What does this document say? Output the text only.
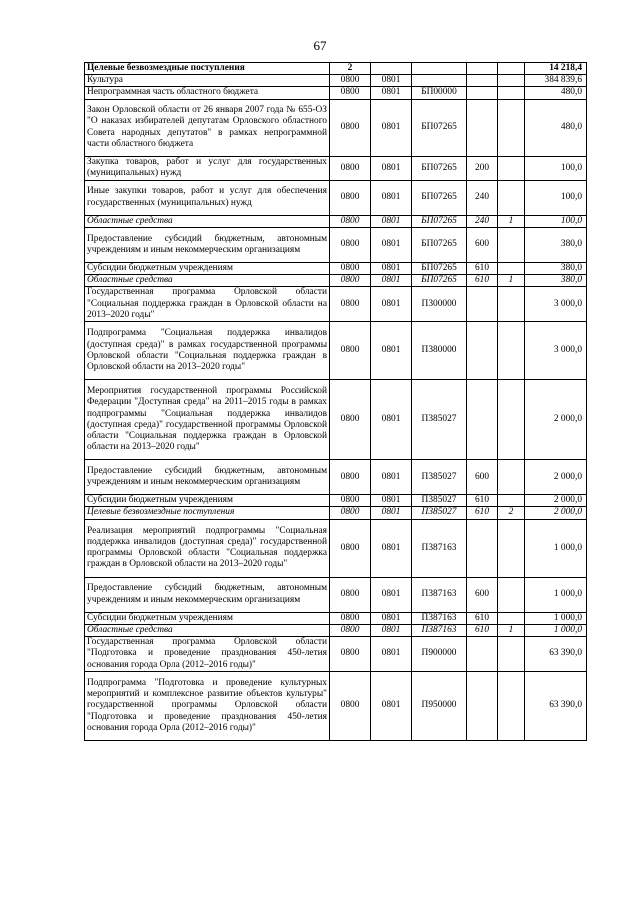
67
Целевые безвозмездные поступления	2					14 218,4
Культура	0800	0801				384 839,6
Непрограммная часть областного бюджета	0800	0801	БП00000			480,0
Закон Орловской области от 26 января 2007 года № 655-ОЗ "О наказах избирателей депутатам Орловского областного Совета народных депутатов" в рамках непрограммной части областного бюджета	0800	0801	БП07265			480,0
Закупка товаров, работ и услуг для государственных (муниципальных) нужд	0800	0801	БП07265	200		100,0
Иные закупки товаров, работ и услуг для обеспечения государственных (муниципальных) нужд	0800	0801	БП07265	240		100,0
Областные средства	0800	0801	БП07265	240	1	100,0
Предоставление субсидий бюджетным, автономным учреждениям и иным некоммерческим организациям	0800	0801	БП07265	600		380,0
Субсидии бюджетным учреждениям	0800	0801	БП07265	610		380,0
Областные средства	0800	0801	БП07265	610	1	380,0
Государственная программа Орловской области "Социальная поддержка граждан в Орловской области на 2013–2020 годы"	0800	0801	П300000			3 000,0
Подпрограмма "Социальная поддержка инвалидов (доступная среда)" в рамках государственной программы Орловской области "Социальная поддержка граждан в Орловской области на 2013–2020 годы"	0800	0801	П380000			3 000,0
Мероприятия государственной программы Российской Федерации "Доступная среда" на 2011–2015 годы в рамках подпрограммы "Социальная поддержка инвалидов (доступная среда)" государственной программы Орловской области "Социальная поддержка граждан в Орловской области на 2013–2020 годы"	0800	0801	П385027			2 000,0
Предоставление субсидий бюджетным, автономным учреждениям и иным некоммерческим организациям	0800	0801	П385027	600		2 000,0
Субсидии бюджетным учреждениям	0800	0801	П385027	610		2 000,0
Целевые безвозмездные поступления	0800	0801	П385027	610	2	2 000,0
Реализация мероприятий подпрограммы "Социальная поддержка инвалидов (доступная среда)" государственной программы Орловской области "Социальная поддержка граждан в Орловской области на 2013–2020 годы"	0800	0801	П387163			1 000,0
Предоставление субсидий бюджетным, автономным учреждениям и иным некоммерческим организациям	0800	0801	П387163	600		1 000,0
Субсидии бюджетным учреждениям	0800	0801	П387163	610		1 000,0
Областные средства	0800	0801	П387163	610	1	1 000,0
Государственная программа Орловской области "Подготовка и проведение празднования 450-летия основания города Орла (2012–2016 годы)"	0800	0801	П900000			63 390,0
Подпрограмма "Подготовка и проведение культурных мероприятий и комплексное развитие объектов культуры" государственной программы Орловской области "Подготовка и проведение празднования 450-летия основания города Орла (2012–2016 годы)"	0800	0801	П950000			63 390,0
